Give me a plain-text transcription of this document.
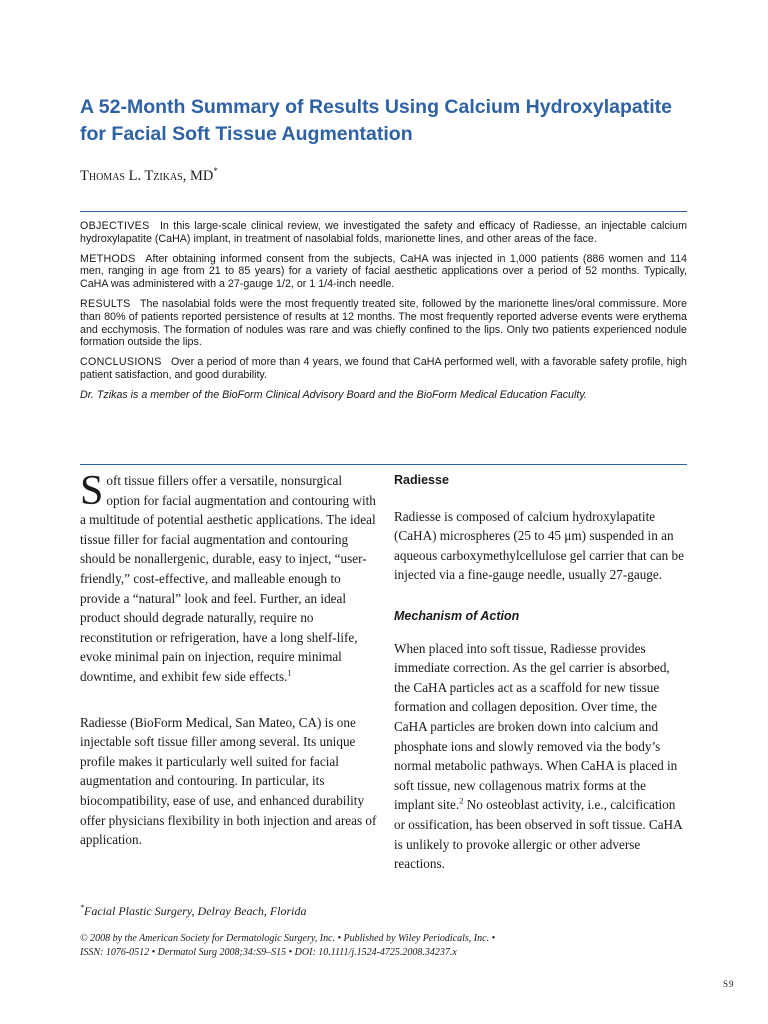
A 52-Month Summary of Results Using Calcium Hydroxylapatite for Facial Soft Tissue Augmentation
Thomas L. Tzikas, MD*

OBJECTIVES In this large-scale clinical review, we investigated the safety and efficacy of Radiesse, an injectable calcium hydroxylapatite (CaHA) implant, in treatment of nasolabial folds, marionette lines, and other areas of the face.

METHODS After obtaining informed consent from the subjects, CaHA was injected in 1,000 patients (886 women and 114 men, ranging in age from 21 to 85 years) for a variety of facial aesthetic applications over a period of 52 months. Typically, CaHA was administered with a 27-gauge 1/2, or 1 1/4-inch needle.

RESULTS The nasolabial folds were the most frequently treated site, followed by the marionette lines/oral commissure. More than 80% of patients reported persistence of results at 12 months. The most frequently reported adverse events were erythema and ecchymosis. The formation of nodules was rare and was chiefly confined to the lips. Only two patients experienced nodule formation outside the lips.

CONCLUSIONS Over a period of more than 4 years, we found that CaHA performed well, with a favorable safety profile, high patient satisfaction, and good durability.

Dr. Tzikas is a member of the BioForm Clinical Advisory Board and the BioForm Medical Education Faculty.

Soft tissue fillers offer a versatile, nonsurgical option for facial augmentation and contouring with a multitude of potential aesthetic applications. The ideal tissue filler for facial augmentation and contouring should be nonallergenic, durable, easy to inject, “user-friendly,” cost-effective, and malleable enough to provide a “natural” look and feel. Further, an ideal product should degrade naturally, require no reconstitution or refrigeration, have a long shelf-life, evoke minimal pain on injection, require minimal downtime, and exhibit few side effects.$^1$

Radiesse (BioForm Medical, San Mateo, CA) is one injectable soft tissue filler among several. Its unique profile makes it particularly well suited for facial augmentation and contouring. In particular, its biocompatibility, ease of use, and enhanced durability offer physicians flexibility in both injection and areas of application.

Radiesse

Radiesse is composed of calcium hydroxylapatite (CaHA) microspheres (25 to 45 μm) suspended in an aqueous carboxymethylcellulose gel carrier that can be injected via a fine-gauge needle, usually 27-gauge.

Mechanism of Action

When placed into soft tissue, Radiesse provides immediate correction. As the gel carrier is absorbed, the CaHA particles act as a scaffold for new tissue formation and collagen deposition. Over time, the CaHA particles are broken down into calcium and phosphate ions and slowly removed via the body’s normal metabolic pathways. When CaHA is placed in soft tissue, new collagenous matrix forms at the implant site.$^2$ No osteoblast activity, i.e., calcification or ossification, has been observed in soft tissue. CaHA is unlikely to provoke allergic or other adverse reactions.

*Facial Plastic Surgery, Delray Beach, Florida
© 2008 by the American Society for Dermatologic Surgery, Inc. • Published by Wiley Periodicals, Inc. •
ISSN: 1076-0512 • Dermatol Surg 2008;34:S9–S15 • DOI: 10.1111/j.1524-4725.2008.34237.x
S9
